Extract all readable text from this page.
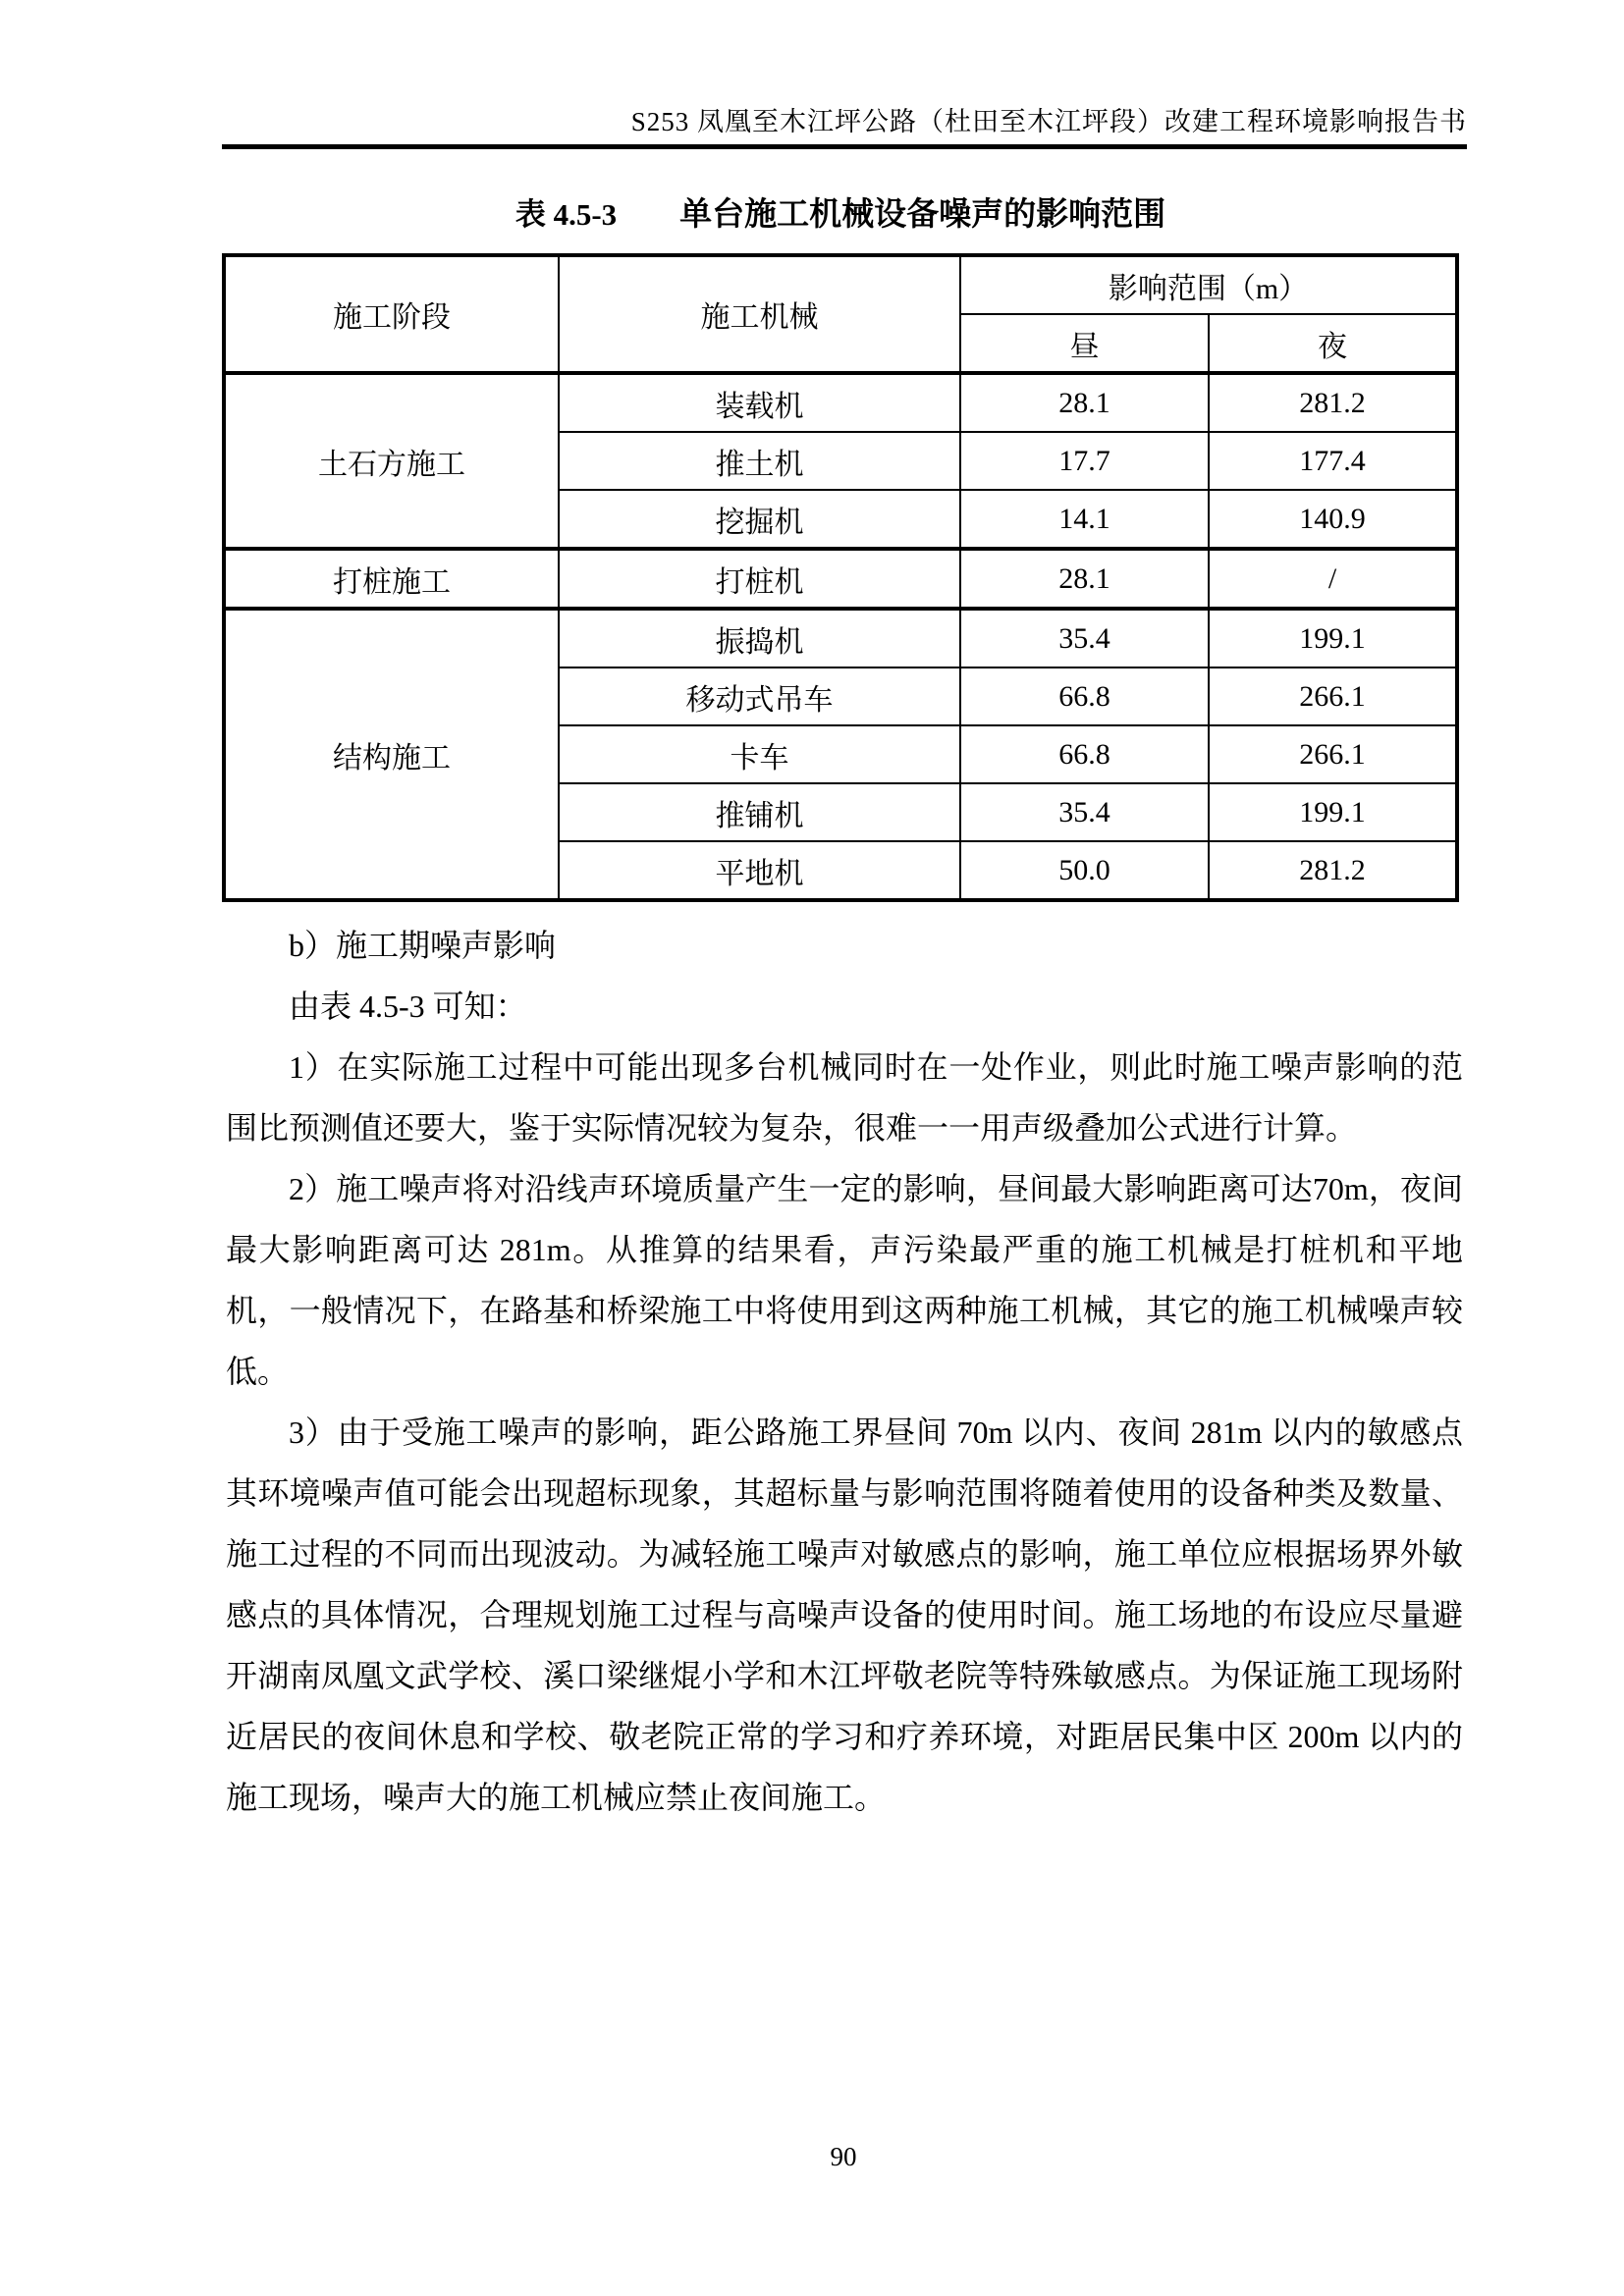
S253 凤凰至木江坪公路（杜田至木江坪段）改建工程环境影响报告书
表 4.5-3 单台施工机械设备噪声的影响范围
施工阶段	施工机械	影响范围（m）	
		昼	夜
土石方施工	装载机	28.1	281.2
	推土机	17.7	177.4
	挖掘机	14.1	140.9
打桩施工	打桩机	28.1	/
结构施工	振捣机	35.4	199.1
	移动式吊车	66.8	266.1
	卡车	66.8	266.1
	推铺机	35.4	199.1
	平地机	50.0	281.2

b）施工期噪声影响

由表 4.5-3 可知：

1）在实际施工过程中可能出现多台机械同时在一处作业，则此时施工噪声影响的范围比预测值还要大，鉴于实际情况较为复杂，很难一一用声级叠加公式进行计算。

2）施工噪声将对沿线声环境质量产生一定的影响，昼间最大影响距离可达70m，夜间最大影响距离可达 281m。从推算的结果看，声污染最严重的施工机械是打桩机和平地机，一般情况下，在路基和桥梁施工中将使用到这两种施工机械，其它的施工机械噪声较低。

3）由于受施工噪声的影响，距公路施工界昼间 70m 以内、夜间 281m 以内的敏感点其环境噪声值可能会出现超标现象，其超标量与影响范围将随着使用的设备种类及数量、施工过程的不同而出现波动。为减轻施工噪声对敏感点的影响，施工单位应根据场界外敏感点的具体情况，合理规划施工过程与高噪声设备的使用时间。施工场地的布设应尽量避开湖南凤凰文武学校、溪口梁继焜小学和木江坪敬老院等特殊敏感点。为保证施工现场附近居民的夜间休息和学校、敬老院正常的学习和疗养环境，对距居民集中区 200m 以内的施工现场，噪声大的施工机械应禁止夜间施工。

90
